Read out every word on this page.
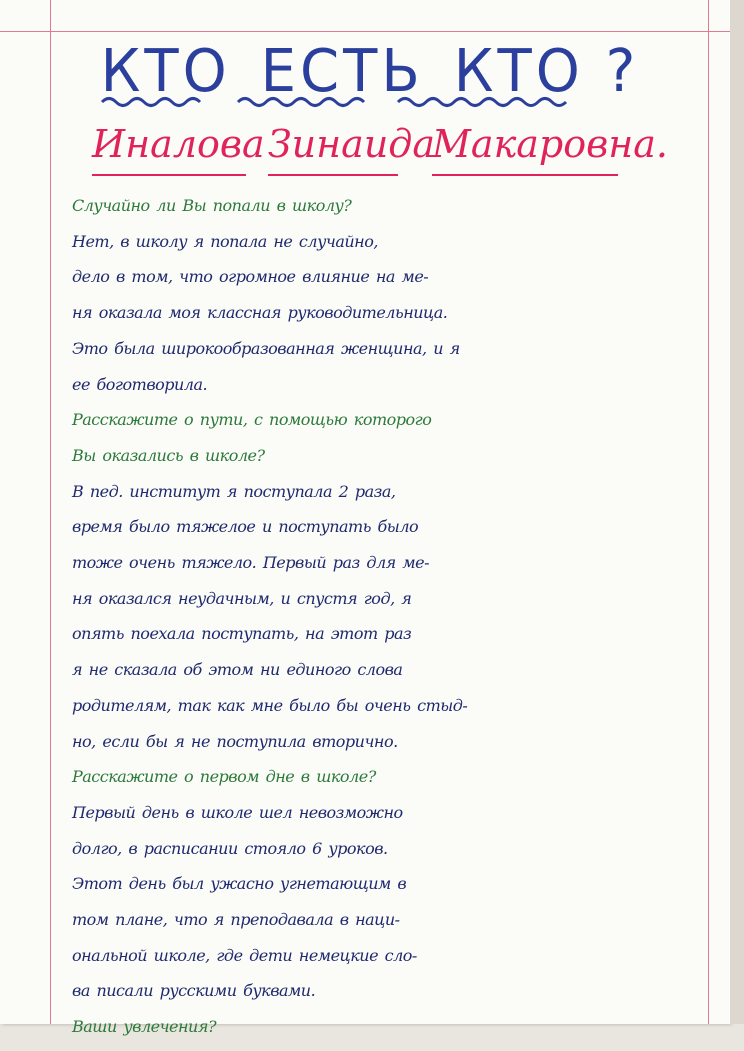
КТО ЕСТЬ КТО ?
Иналова Зинаида
Макаровна.
Случайно ли Вы попали в школу?
Нет, в школу я попала не случайно,
дело в том, что огромное влияние на ме-
ня оказала моя классная руководительница.
Это была широкообразованная женщина, и я
ее боготворила.
Расскажите о пути, с помощью которого
Вы оказались в школе?
В пед. институт я поступала 2 раза,
время было тяжелое и поступать было
тоже очень тяжело. Первый раз для ме-
ня оказался неудачным, и спустя год, я
опять поехала поступать, на этот раз
я не сказала об этом ни единого слова
родителям, так как мне было бы очень стыд-
но, если бы я не поступила вторично.
Расскажите о первом дне в школе?
Первый день в школе шел невозможно
долго, в расписании стояло 6 уроков.
Этот день был ужасно угнетающим в
том плане, что я преподавала в наци-
ональной школе, где дети немецкие сло-
ва писали русскими буквами.
Ваши увлечения?
